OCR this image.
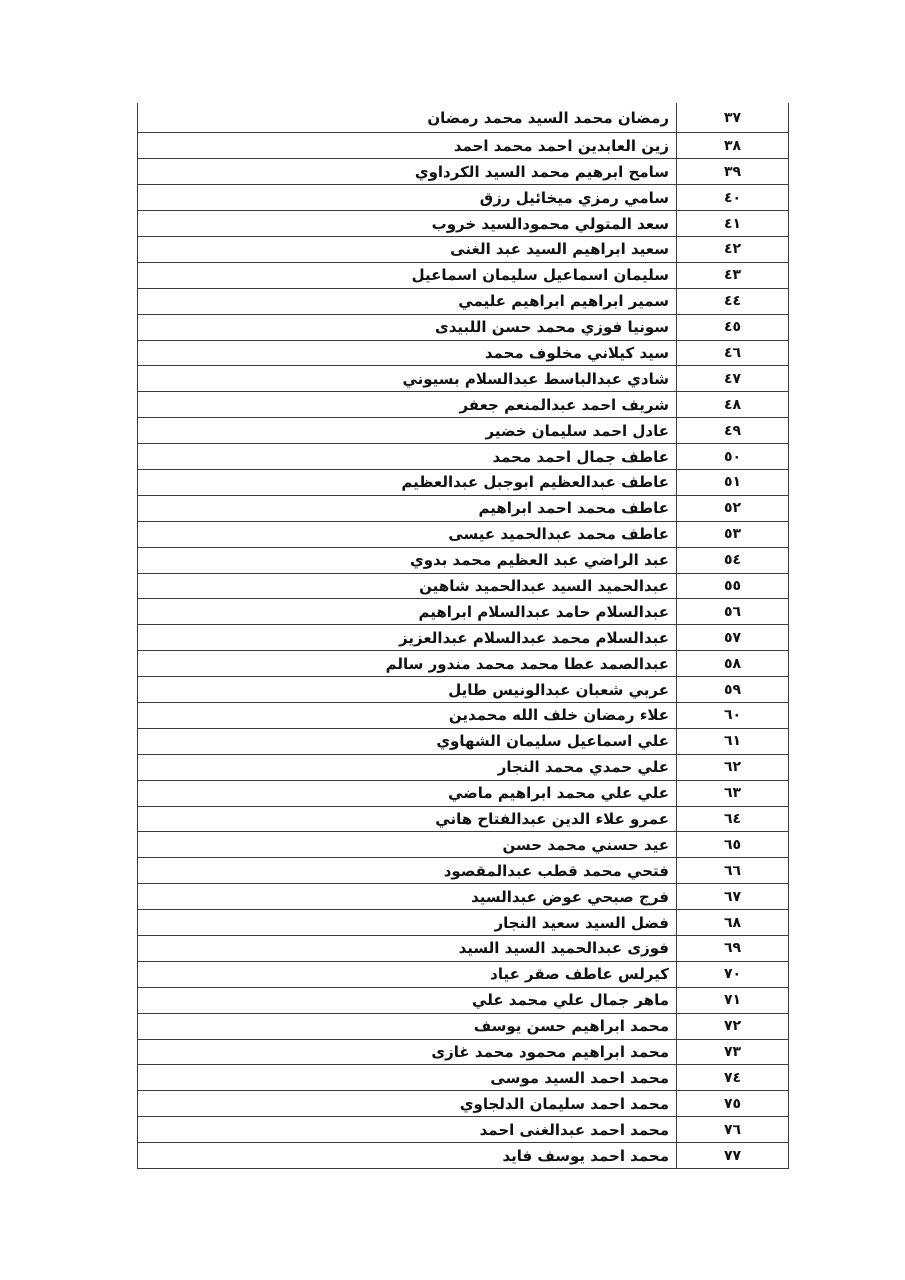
٣٧
رمضان محمد السيد محمد رمضان
٣٨
زين العابدين احمد محمد احمد
٣٩
سامح ابرهيم محمد السيد الكرداوي
٤٠
سامي رمزي ميخائيل رزق
٤١
سعد المتولي محمودالسيد خروب
٤٢
سعيد ابراهيم السيد عبد الغنى
٤٣
سليمان اسماعيل سليمان اسماعيل
٤٤
سمير ابراهيم ابراهيم عليمي
٤٥
سونيا فوزي محمد حسن اللبيدى
٤٦
سيد كيلاني مخلوف محمد
٤٧
شادي عبدالباسط عبدالسلام بسيوني
٤٨
شريف احمد عبدالمنعم جعفر
٤٩
عادل احمد سليمان خضير
٥٠
عاطف جمال احمد محمد
٥١
عاطف عبدالعظيم ابوجبل عبدالعظيم
٥٢
عاطف محمد احمد ابراهيم
٥٣
عاطف محمد عبدالحميد عيسى
٥٤
عبد الراضي عبد العظيم محمد بدوي
٥٥
عبدالحميد السيد عبدالحميد شاهين
٥٦
عبدالسلام حامد عبدالسلام ابراهيم
٥٧
عبدالسلام محمد عبدالسلام عبدالعزيز
٥٨
عبدالصمد عطا محمد محمد مندور سالم
٥٩
عربي شعبان عبدالونيس طايل
٦٠
علاء رمضان خلف الله محمدين
٦١
علي اسماعيل سليمان الشهاوي
٦٢
علي حمدي محمد النجار
٦٣
علي علي محمد ابراهيم ماضي
٦٤
عمرو علاء الدين عبدالفتاح هاني
٦٥
عيد حسني محمد حسن
٦٦
فتحي محمد قطب عبدالمقصود
٦٧
فرج صبحي عوض عبدالسيد
٦٨
فضل السيد سعيد النجار
٦٩
فوزى عبدالحميد السيد السيد
٧٠
كيرلس عاطف صقر عياد
٧١
ماهر جمال علي محمد علي
٧٢
محمد ابراهيم حسن يوسف
٧٣
محمد ابراهيم محمود محمد غازى
٧٤
محمد احمد السيد موسى
٧٥
محمد احمد سليمان الدلجاوي
٧٦
محمد احمد عبدالغنى احمد
٧٧
محمد احمد يوسف فايد
